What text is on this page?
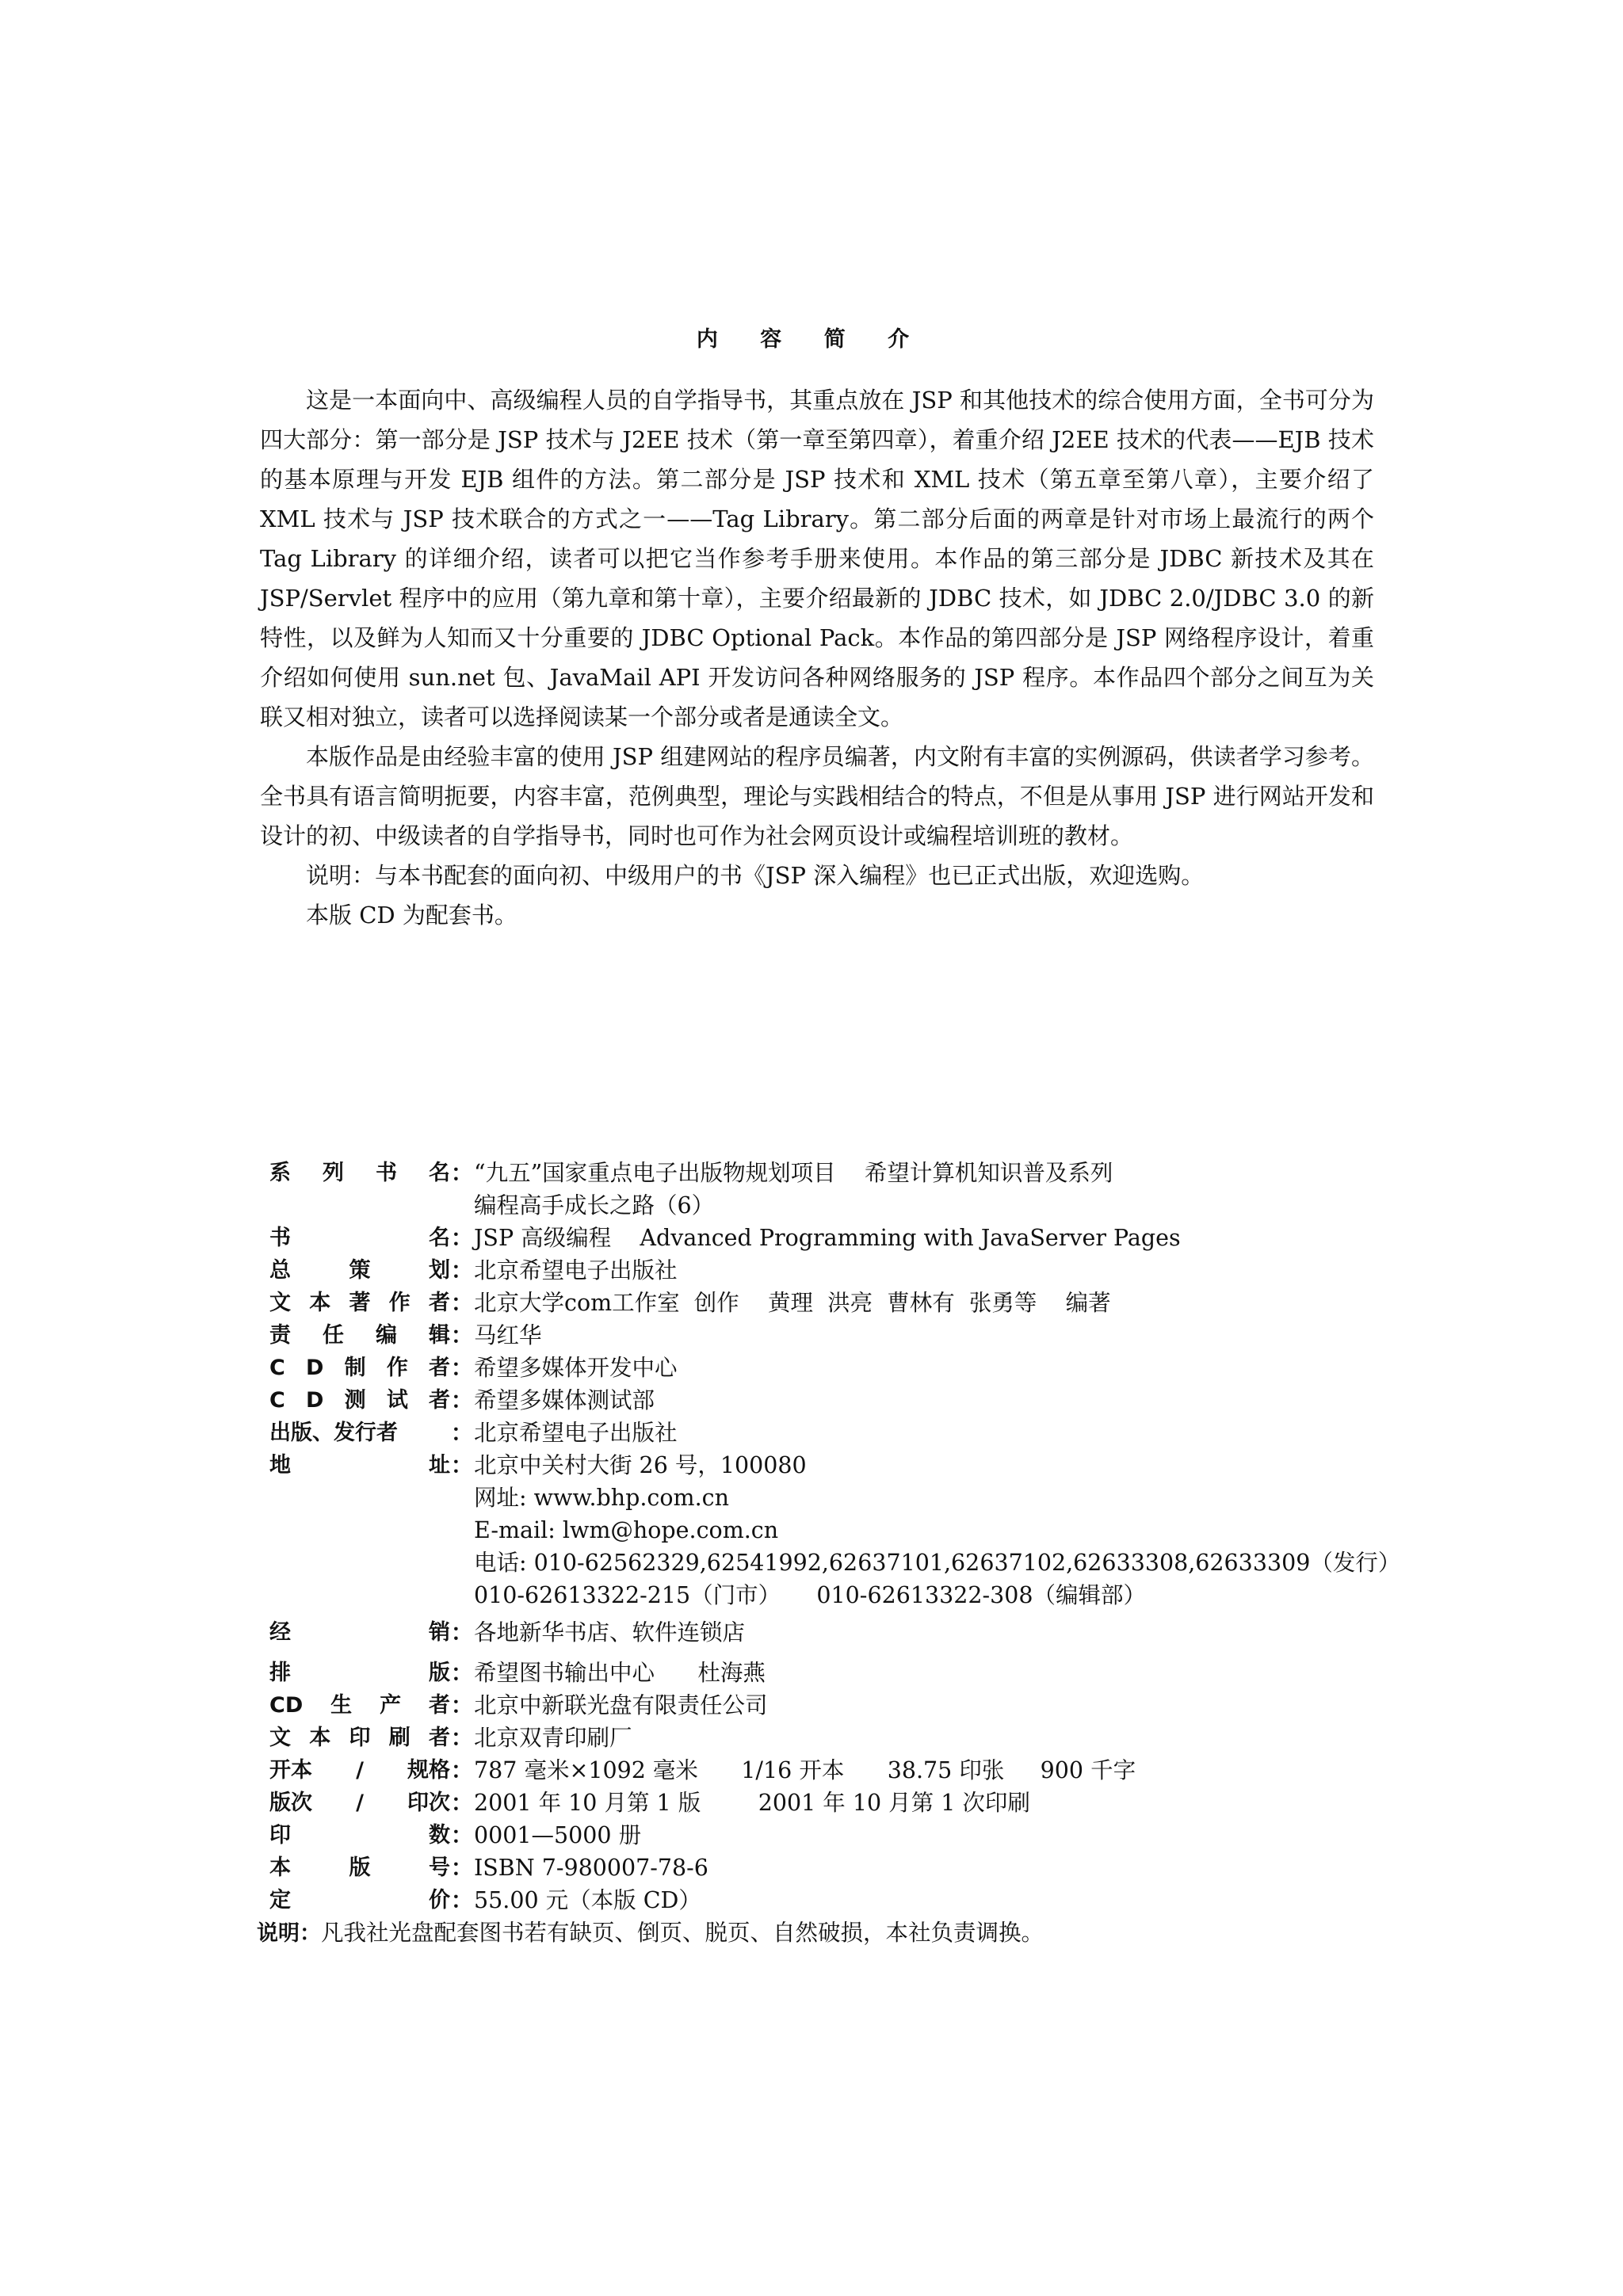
内 容 简 介

这是一本面向中、高级编程人员的自学指导书，其重点放在 JSP 和其他技术的综合使用方面，全书可分为四大部分：第一部分是 JSP 技术与 J2EE 技术（第一章至第四章），着重介绍 J2EE 技术的代表——EJB 技术的基本原理与开发 EJB 组件的方法。第二部分是 JSP 技术和 XML 技术（第五章至第八章），主要介绍了 XML 技术与 JSP 技术联合的方式之一——Tag Library。第二部分后面的两章是针对市场上最流行的两个 Tag Library 的详细介绍，读者可以把它当作参考手册来使用。本作品的第三部分是 JDBC 新技术及其在 JSP/Servlet 程序中的应用（第九章和第十章），主要介绍最新的 JDBC 技术，如 JDBC 2.0/JDBC 3.0 的新特性，以及鲜为人知而又十分重要的 JDBC Optional Pack。本作品的第四部分是 JSP 网络程序设计，着重介绍如何使用 sun.net 包、JavaMail API 开发访问各种网络服务的 JSP 程序。本作品四个部分之间互为关联又相对独立，读者可以选择阅读某一个部分或者是通读全文。

本版作品是由经验丰富的使用 JSP 组建网站的程序员编著，内文附有丰富的实例源码，供读者学习参考。全书具有语言简明扼要，内容丰富，范例典型，理论与实践相结合的特点，不但是从事用 JSP 进行网站开发和设计的初、中级读者的自学指导书，同时也可作为社会网页设计或编程培训班的教材。

说明：与本书配套的面向初、中级用户的书《JSP 深入编程》也已正式出版，欢迎选购。

本版 CD 为配套书。

系 列 书 名 ： “九五”国家重点电子出版物规划项目    希望计算机知识普及系列
编程高手成长之路（6）
书	名 ： JSP 高级编程    Advanced Programming with JavaServer Pages
总	策	划 ： 北京希望电子出版社
文 本 著 作 者 ： 北京大学com工作室  创作    黄理  洪亮  曹林有  张勇等    编著
责 任 编 辑 ： 马红华
C D 制 作 者 ： 希望多媒体开发中心
C D 测 试 者 ： 希望多媒体测试部
出版、发行者 ： 北京希望电子出版社
地	址 ： 北京中关村大街 26 号，100080
网址: www.bhp.com.cn
E-mail: lwm@hope.com.cn
电话: 010-62562329,62541992,62637101,62637102,62633308,62633309（发行）
010-62613322-215（门市）     010-62613322-308（编辑部）
经	销 ： 各地新华书店、软件连锁店
排	版 ： 希望图书输出中心      杜海燕
CD 生 产 者 ： 北京中新联光盘有限责任公司
文 本 印 刷 者 ： 北京双青印刷厂
开本 / 规格 ： 787 毫米×1092 毫米      1/16 开本      38.75 印张     900 千字
版次 / 印次 ： 2001 年 10 月第 1 版        2001 年 10 月第 1 次印刷
印	数 ： 0001—5000 册
本	版	号 ： ISBN 7-980007-78-6
定	价 ： 55.00 元（本版 CD）
说明：凡我社光盘配套图书若有缺页、倒页、脱页、自然破损，本社负责调换。
